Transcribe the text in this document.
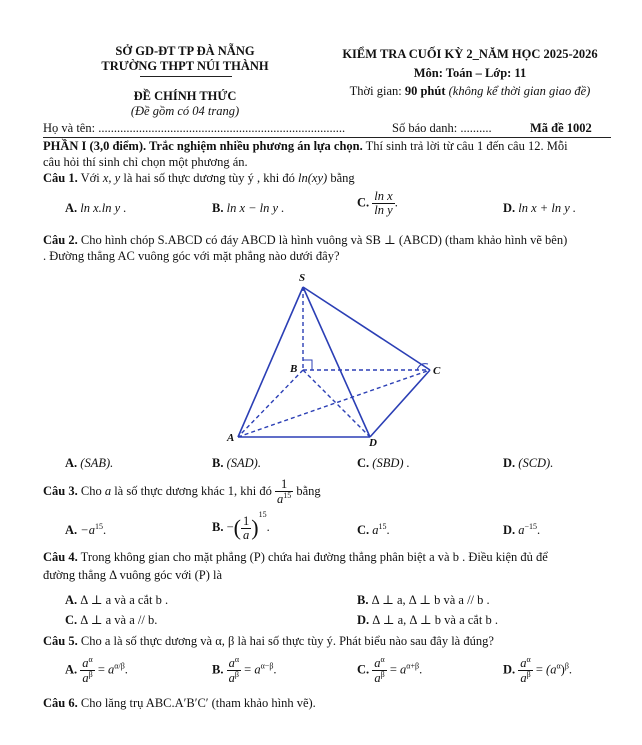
SỞ GD-ĐT TP ĐÀ NẴNG
TRƯỜNG THPT NÚI THÀNH
ĐỀ CHÍNH THỨC
(Đề gồm có 04 trang)
KIỂM TRA CUỐI KỲ 2_NĂM HỌC 2025-2026
Môn: Toán – Lớp: 11
Thời gian: 90 phút (không kể thời gian giao đề)
Họ và tên: ...............................................................................	Số báo danh: ..........	Mã đề 1002
PHẦN I (3,0 điểm). Trắc nghiệm nhiều phương án lựa chọn. Thí sinh trả lời từ câu 1 đến câu 12. Mỗi
câu hỏi thí sinh chỉ chọn một phương án.
Câu 1. Với x, y là hai số thực dương tùy ý , khi đó ln(xy) bằng
A. ln x.ln y .	B. ln x − ln y .	C. $\frac{\text{ln x}}{\text{ln y}}$ .	D. ln x + ln y .
Câu 2. Cho hình chóp S.ABCD có đáy ABCD là hình vuông và SB ⊥ (ABCD) (tham khảo hình vẽ bên)
. Đường thẳng AC vuông góc với mặt phẳng nào dưới đây?
S
B	C
A	D
A. (SAB).	B. (SAD).	C. (SBD) .	D. (SCD).
Câu 3. Cho a là số thực dương khác 1, khi đó $\frac{1}{a^{15}}$ bằng
A. $-a^{15}$.	B. −( $\frac{1}{a})^{15}$.	C. $a^{15}$.	D. $a^{-15}$.
Câu 4. Trong không gian cho mặt phẳng (P) chứa hai đường thẳng phân biệt a và b . Điều kiện đủ để
đường thẳng Δ vuông góc với (P) là
A. Δ ⊥ a và a cắt b .	B. Δ ⊥ a, Δ ⊥ b và a // b .
C. Δ ⊥ a và a // b.	D. Δ ⊥ a, Δ ⊥ b và a cắt b .
Câu 5. Cho a là số thực dương và α, β là hai số thực tùy ý. Phát biểu nào sau đây là đúng?
A. $\frac{a^\alpha}{a^\beta} = a^{\alpha/\beta}$.	B. $\frac{a^\alpha}{a^\beta} = a^{\alpha-\beta}$.	C. $\frac{a^\alpha}{a^\beta} = a^{\alpha+\beta}$.	D. $\frac{a^\alpha}{a^\beta} = (a^\alpha)^\beta$.
Câu 6. Cho lăng trụ ABC.A′B′C′ (tham khảo hình vẽ).
